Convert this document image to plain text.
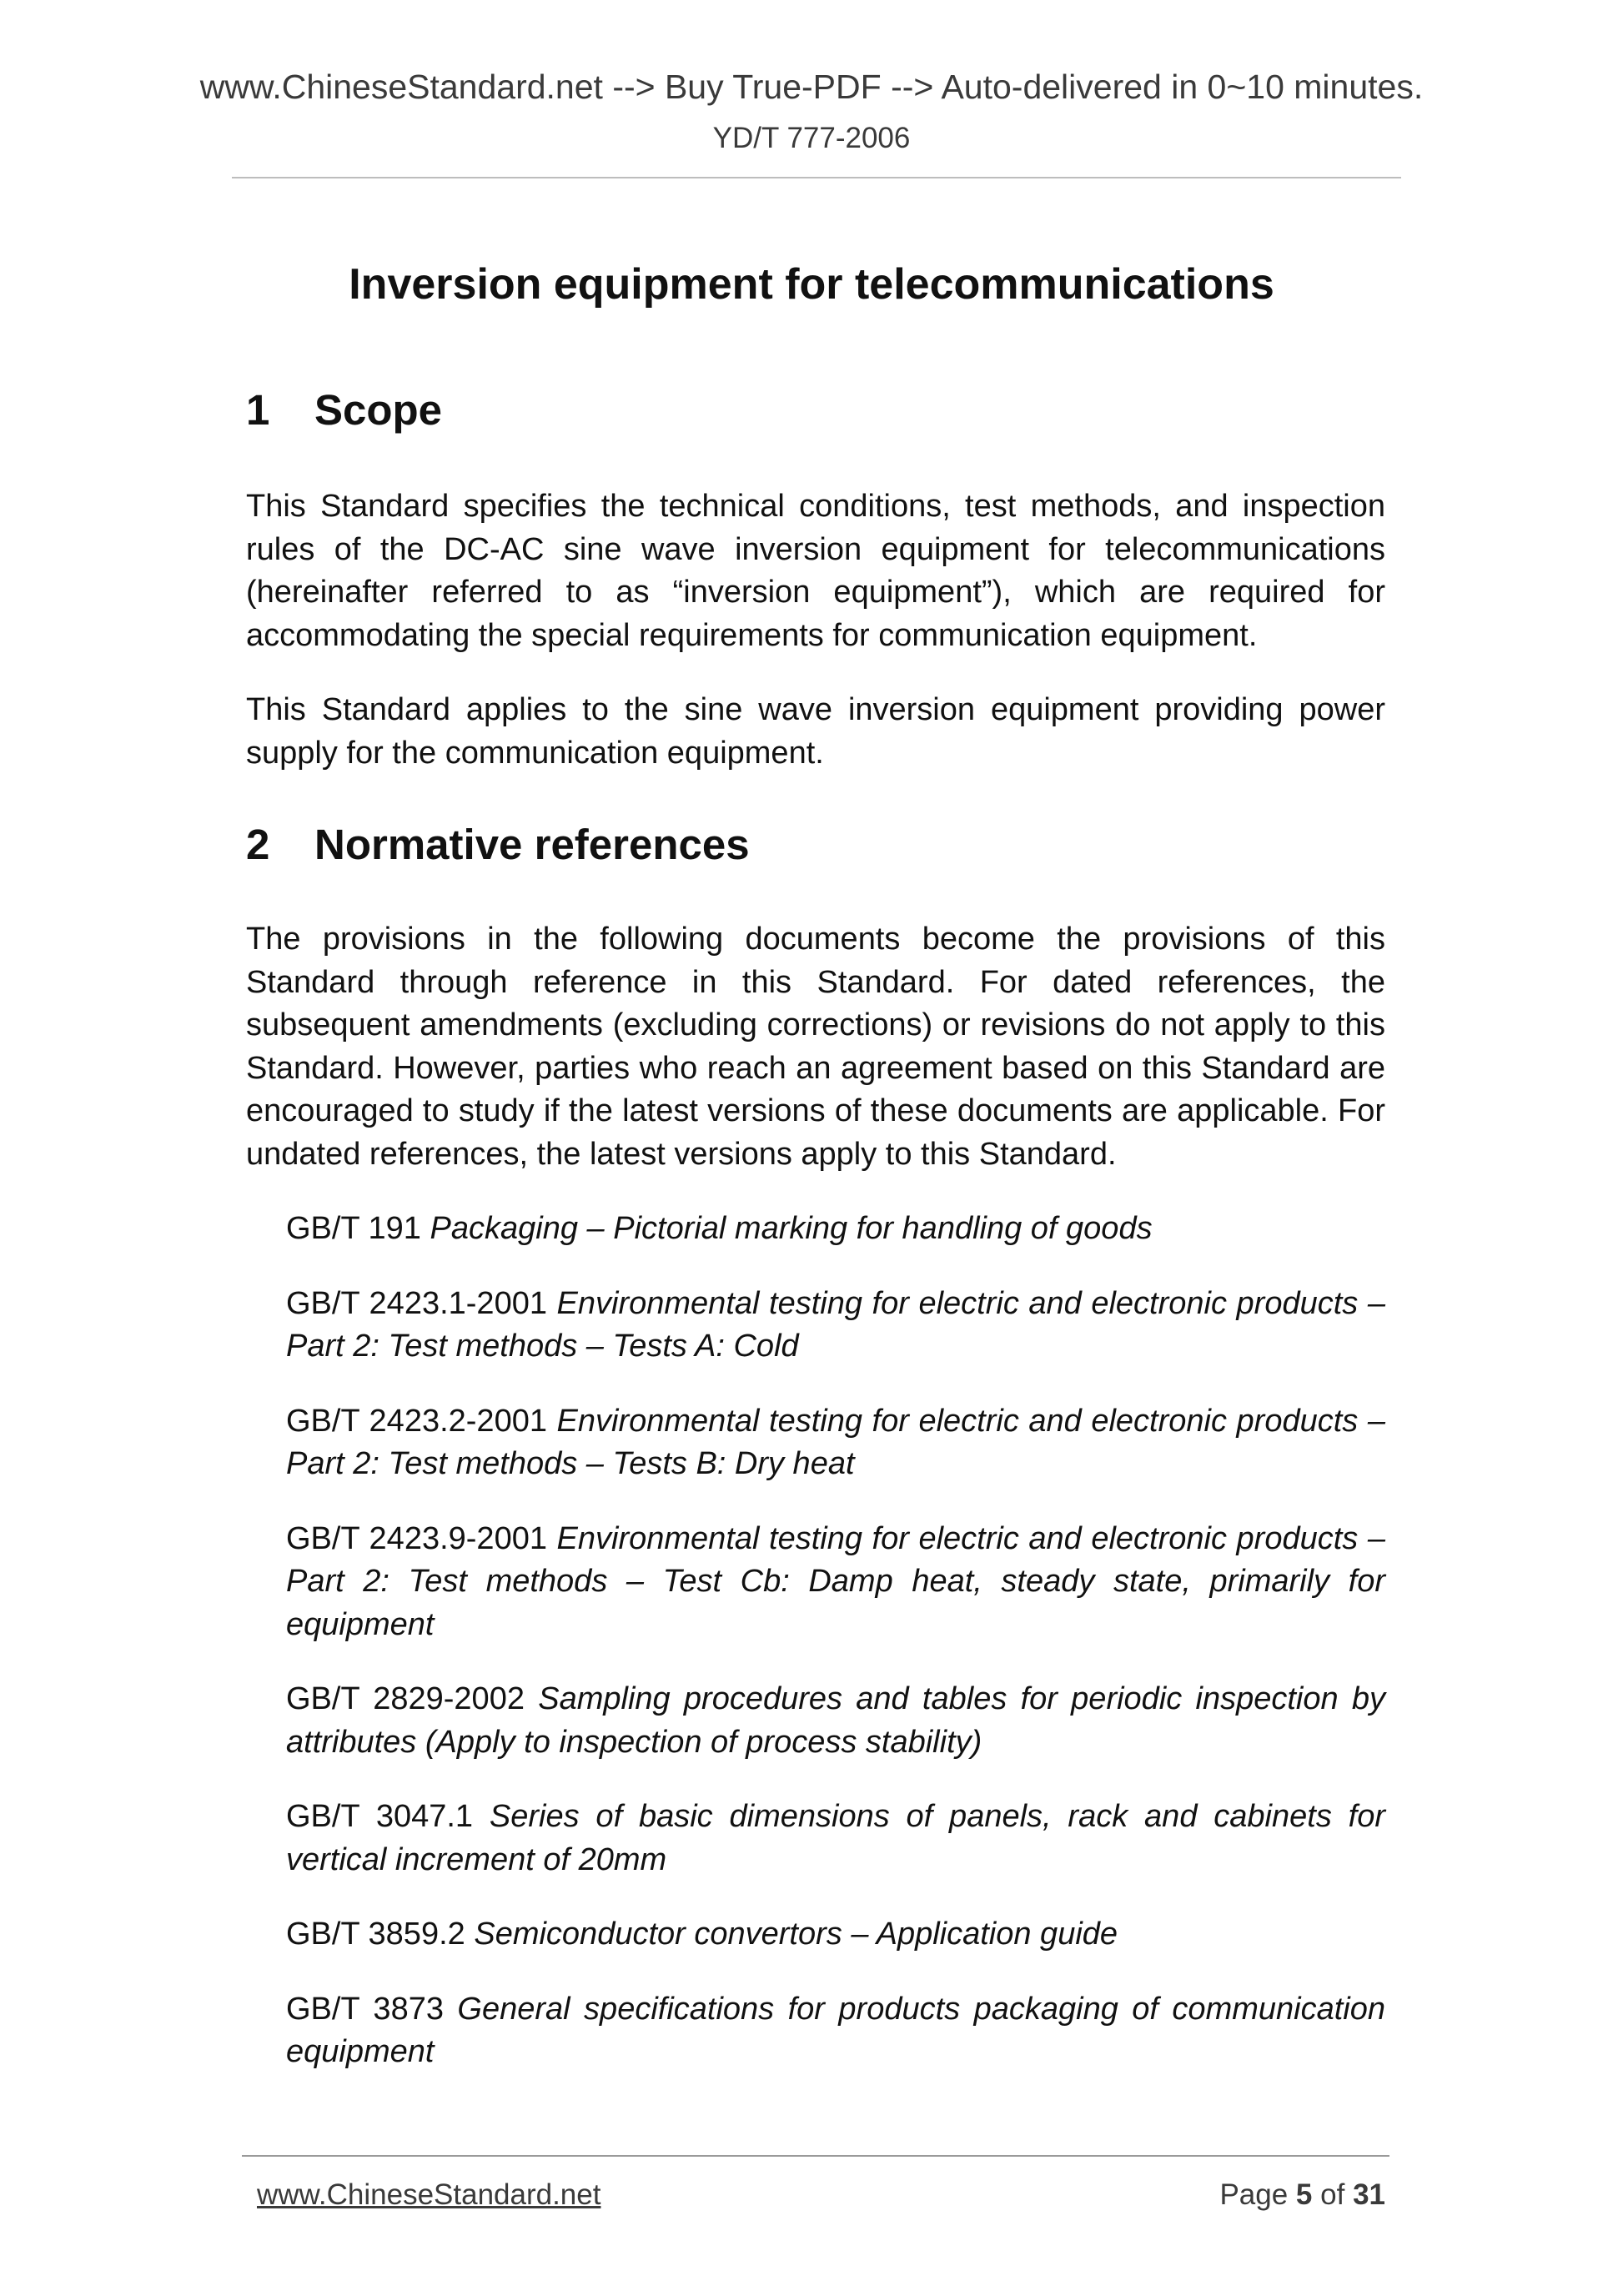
www.ChineseStandard.net --> Buy True-PDF --> Auto-delivered in 0~10 minutes.
YD/T 777-2006
Inversion equipment for telecommunications
1	Scope

This Standard specifies the technical conditions, test methods, and inspection rules of the DC-AC sine wave inversion equipment for telecommunications (hereinafter referred to as “inversion equipment”), which are required for accommodating the special requirements for communication equipment.

This Standard applies to the sine wave inversion equipment providing power supply for the communication equipment.

2	Normative references

The provisions in the following documents become the provisions of this Standard through reference in this Standard. For dated references, the subsequent amendments (excluding corrections) or revisions do not apply to this Standard. However, parties who reach an agreement based on this Standard are encouraged to study if the latest versions of these documents are applicable. For undated references, the latest versions apply to this Standard.

GB/T 191 Packaging – Pictorial marking for handling of goods

GB/T 2423.1-2001 Environmental testing for electric and electronic products – Part 2: Test methods – Tests A: Cold

GB/T 2423.2-2001 Environmental testing for electric and electronic products – Part 2: Test methods – Tests B: Dry heat

GB/T 2423.9-2001 Environmental testing for electric and electronic products – Part 2: Test methods – Test Cb: Damp heat, steady state, primarily for equipment

GB/T 2829-2002 Sampling procedures and tables for periodic inspection by attributes (Apply to inspection of process stability)

GB/T 3047.1 Series of basic dimensions of panels, rack and cabinets for vertical increment of 20mm

GB/T 3859.2 Semiconductor convertors – Application guide

GB/T 3873 General specifications for products packaging of communication equipment

www.ChineseStandard.net	Page 5 of 31
